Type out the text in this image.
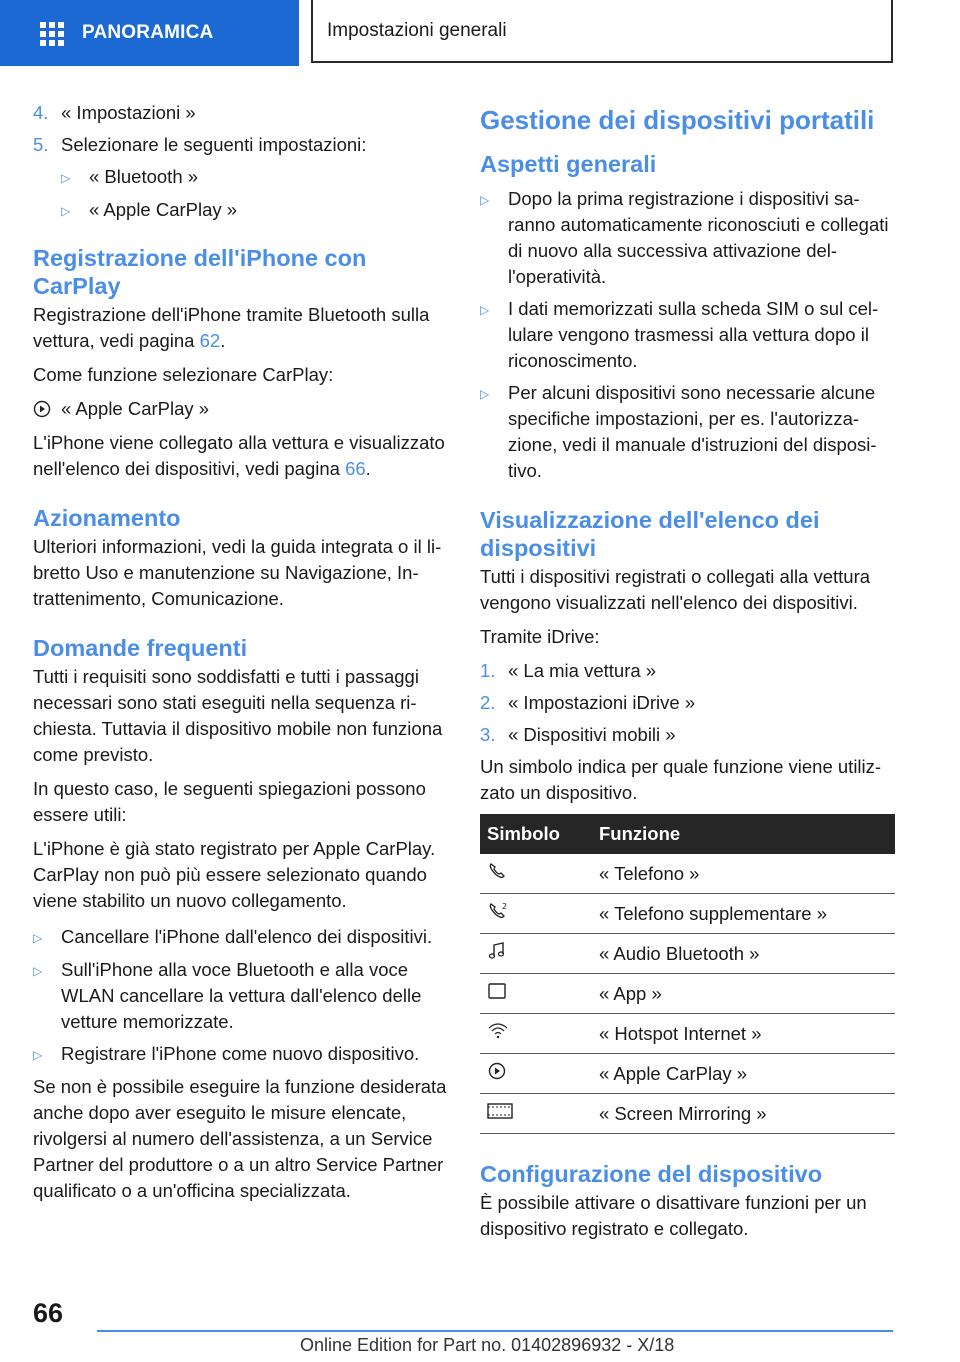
PANORAMICA	Impostazioni generali
4. « Impostazioni »
5. Selezionare le seguenti impostazioni:
▷	« Bluetooth »
▷	« Apple CarPlay »
Registrazione dell'iPhone con CarPlay

Registrazione dell'iPhone tramite Bluetooth sulla vettura, vedi pagina 62.

Come funzione selezionare CarPlay:

« Apple CarPlay »

L'iPhone viene collegato alla vettura e visualizzato nell'elenco dei dispositivi, vedi pagina 66.

Azionamento

Ulteriori informazioni, vedi la guida integrata o il libretto Uso e manutenzione su Navigazione, Intrattenimento, Comunicazione.

Domande frequenti

Tutti i requisiti sono soddisfatti e tutti i passaggi necessari sono stati eseguiti nella sequenza richiesta. Tuttavia il dispositivo mobile non funziona come previsto.

In questo caso, le seguenti spiegazioni possono essere utili:

L'iPhone è già stato registrato per Apple CarPlay. CarPlay non può più essere selezionato quando viene stabilito un nuovo collegamento.

▷	Cancellare l'iPhone dall'elenco dei dispositivi.
▷	Sull'iPhone alla voce Bluetooth e alla voce WLAN cancellare la vettura dall'elenco delle vetture memorizzate.
▷	Registrare l'iPhone come nuovo dispositivo.

Se non è possibile eseguire la funzione desiderata anche dopo aver eseguito le misure elencate, rivolgersi al numero dell'assistenza, a un Service Partner del produttore o a un altro Service Partner qualificato o a un'officina specializzata.

Gestione dei dispositivi portatili
Aspetti generali
▷	Dopo la prima registrazione i dispositivi saranno automaticamente riconosciuti e collegati di nuovo alla successiva attivazione dell'operatività.
▷	I dati memorizzati sulla scheda SIM o sul cellulare vengono trasmessi alla vettura dopo il riconoscimento.
▷	Per alcuni dispositivi sono necessarie alcune specifiche impostazioni, per es. l'autorizzazione, vedi il manuale d'istruzioni del dispositivo.
Visualizzazione dell'elenco dei dispositivi

Tutti i dispositivi registrati o collegati alla vettura vengono visualizzati nell'elenco dei dispositivi.

Tramite iDrive:

1. « La mia vettura »
2. « Impostazioni iDrive »
3. « Dispositivi mobili »

Un simbolo indica per quale funzione viene utilizzato un dispositivo.

Simbolo	Funzione
	« Telefono »

2	« Telefono supplementare »
	« Audio Bluetooth »
	« App »
	« Hotspot Internet »
	« Apple CarPlay »
	« Screen Mirroring »
Configurazione del dispositivo

È possibile attivare o disattivare funzioni per un dispositivo registrato e collegato.

66
Online Edition for Part no. 01402896932 - X/18
